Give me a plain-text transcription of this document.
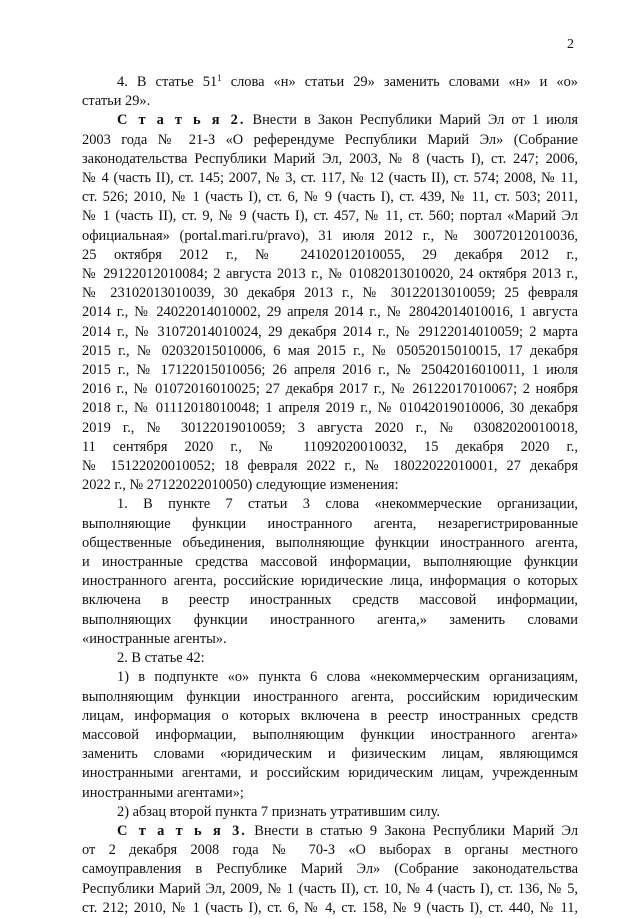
2
4. В статье $51^1$ слова «н» статьи 29» заменить словами «н» и «о»
статьи 29».
С т а т ь я 2. Внести в Закон Республики Марий Эл от 1 июля
2003 года № 21-З «О референдуме Республики Марий Эл» (Собрание
законодательства Республики Марий Эл, 2003, № 8 (часть I), ст. 247; 2006,
№ 4 (часть II), ст. 145; 2007, № 3, ст. 117, № 12 (часть II), ст. 574; 2008, № 11,
ст. 526; 2010, № 1 (часть I), ст. 6, № 9 (часть I), ст. 439, № 11, ст. 503; 2011,
№ 1 (часть II), ст. 9, № 9 (часть I), ст. 457, № 11, ст. 560; портал «Марий Эл
официальная» (portal.mari.ru/pravo), 31 июля 2012 г., № 30072012010036,
25 октября 2012 г., № 24102012010055, 29 декабря 2012 г.,
№ 29122012010084; 2 августа 2013 г., № 01082013010020, 24 октября 2013 г.,
№ 23102013010039, 30 декабря 2013 г., № 30122013010059; 25 февраля
2014 г., № 24022014010002, 29 апреля 2014 г., № 28042014010016, 1 августа
2014 г., № 31072014010024, 29 декабря 2014 г., № 29122014010059; 2 марта
2015 г., № 02032015010006, 6 мая 2015 г., № 05052015010015, 17 декабря
2015 г., № 17122015010056; 26 апреля 2016 г., № 25042016010011, 1 июля
2016 г., № 01072016010025; 27 декабря 2017 г., № 26122017010067; 2 ноября
2018 г., № 01112018010048; 1 апреля 2019 г., № 01042019010006, 30 декабря
2019 г., № 30122019010059; 3 августа 2020 г., № 03082020010018,
11 сентября 2020 г., № 11092020010032, 15 декабря 2020 г.,
№ 15122020010052; 18 февраля 2022 г., № 18022022010001, 27 декабря
2022 г., № 27122022010050) следующие изменения:
1. В пункте 7 статьи 3 слова «некоммерческие организации,
выполняющие функции иностранного агента, незарегистрированные
общественные объединения, выполняющие функции иностранного агента,
и иностранные средства массовой информации, выполняющие функции
иностранного агента, российские юридические лица, информация о которых
включена в реестр иностранных средств массовой информации,
выполняющих функции иностранного агента,» заменить словами
«иностранные агенты».
2. В статье 42:
1) в подпункте «о» пункта 6 слова «некоммерческим организациям,
выполняющим функции иностранного агента, российским юридическим
лицам, информация о которых включена в реестр иностранных средств
массовой информации, выполняющим функции иностранного агента»
заменить словами «юридическим и физическим лицам, являющимся
иностранными агентами, и российским юридическим лицам, учрежденным
иностранными агентами»;
2) абзац второй пункта 7 признать утратившим силу.
С т а т ь я 3. Внести в статью 9 Закона Республики Марий Эл
от 2 декабря 2008 года № 70-З «О выборах в органы местного
самоуправления в Республике Марий Эл» (Собрание законодательства
Республики Марий Эл, 2009, № 1 (часть II), ст. 10, № 4 (часть I), ст. 136, № 5,
ст. 212; 2010, № 1 (часть I), ст. 6, № 4, ст. 158, № 9 (часть I), ст. 440, № 11,
